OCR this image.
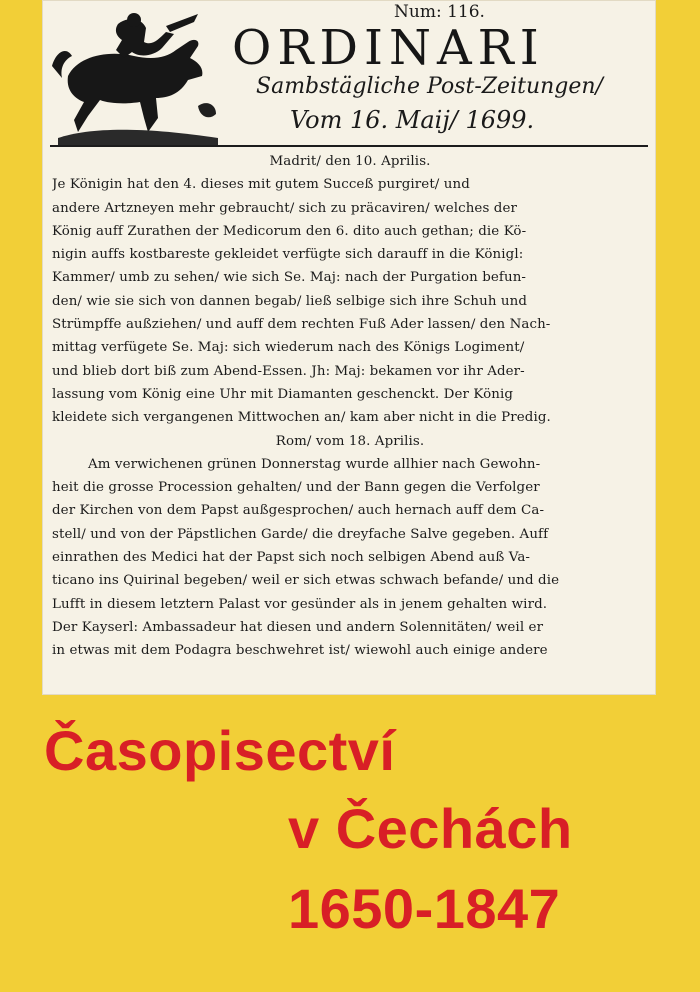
Num: 116.
ORDINARI
Sambstägliche Post-Zeitungen/
Vom 16. Maij/ 1699.
Madrit/ den 10. Aprilis.
Je Königin hat den 4. dieses mit gutem Succeß purgiret/ und
andere Artzneyen mehr gebraucht/ sich zu präcaviren/ welches der
König auff Zurathen der Medicorum den 6. dito auch gethan; die Kö-
nigin auffs kostbareste gekleidet verfügte sich darauff in die Königl:
Kammer/ umb zu sehen/ wie sich Se. Maj: nach der Purgation befun-
den/ wie sie sich von dannen begab/ ließ selbige sich ihre Schuh und
Strümpffe außziehen/ und auff dem rechten Fuß Ader lassen/ den Nach-
mittag verfügete Se. Maj: sich wiederum nach des Königs Logiment/
und blieb dort biß zum Abend-Essen. Jh: Maj: bekamen vor ihr Ader-
lassung vom König eine Uhr mit Diamanten geschenckt. Der König
kleidete sich vergangenen Mittwochen an/ kam aber nicht in die Predig.
Rom/ vom 18. Aprilis.
Am verwichenen grünen Donnerstag wurde allhier nach Gewohn-
heit die grosse Procession gehalten/ und der Bann gegen die Verfolger
der Kirchen von dem Papst außgesprochen/ auch hernach auff dem Ca-
stell/ und von der Päpstlichen Garde/ die dreyfache Salve gegeben. Auff
einrathen des Medici hat der Papst sich noch selbigen Abend auß Va-
ticano ins Quirinal begeben/ weil er sich etwas schwach befande/ und die
Lufft in diesem letztern Palast vor gesünder als in jenem gehalten wird.
Der Kayserl: Ambassadeur hat diesen und andern Solennitäten/ weil er
in etwas mit dem Podagra beschwehret ist/ wiewohl auch einige andere
Časopisectví
v Čechách
1650-1847
